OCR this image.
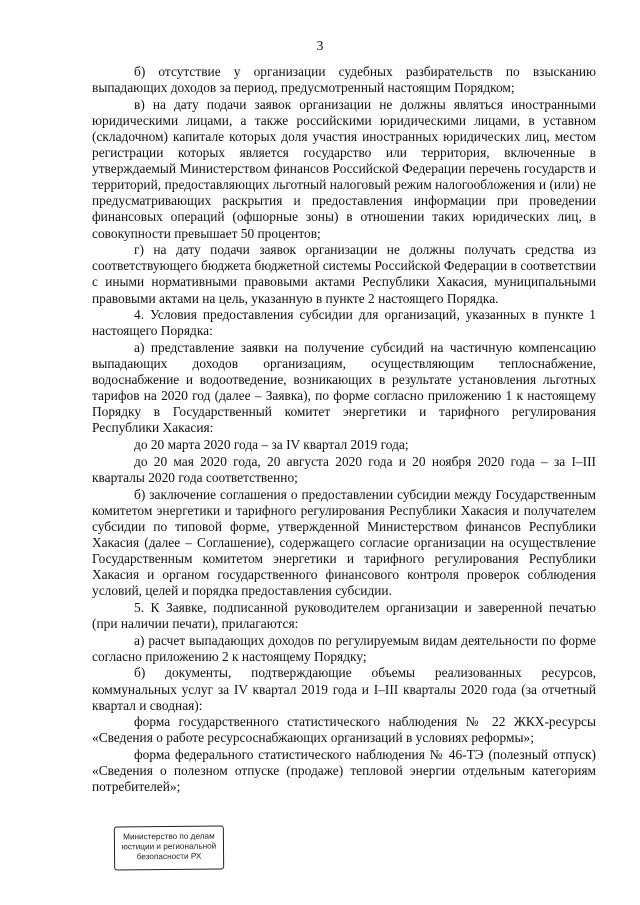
3

б) отсутствие у организации судебных разбирательств по взысканию выпадающих доходов за период, предусмотренный настоящим Порядком;

в) на дату подачи заявок организации не должны являться иностранными юридическими лицами, а также российскими юридическими лицами, в уставном (складочном) капитале которых доля участия иностранных юридических лиц, местом регистрации которых является государство или территория, включенные в утверждаемый Министерством финансов Российской Федерации перечень государств и территорий, предоставляющих льготный налоговый режим налогообложения и (или) не предусматривающих раскрытия и предоставления информации при проведении финансовых операций (офшорные зоны) в отношении таких юридических лиц, в совокупности превышает 50 процентов;

г) на дату подачи заявок организации не должны получать средства из соответствующего бюджета бюджетной системы Российской Федерации в соответствии с иными нормативными правовыми актами Республики Хакасия, муниципальными правовыми актами на цель, указанную в пункте 2 настоящего Порядка.

4. Условия предоставления субсидии для организаций, указанных в пункте 1 настоящего Порядка:

а) представление заявки на получение субсидий на частичную компенсацию выпадающих доходов организациям, осуществляющим теплоснабжение, водоснабжение и водоотведение, возникающих в результате установления льготных тарифов на 2020 год (далее – Заявка), по форме согласно приложению 1 к настоящему Порядку в Государственный комитет энергетики и тарифного регулирования Республики Хакасия:

до 20 марта 2020 года – за IV квартал 2019 года;

до 20 мая 2020 года, 20 августа 2020 года и 20 ноября 2020 года – за I–III кварталы 2020 года соответственно;

б) заключение соглашения о предоставлении субсидии между Государственным комитетом энергетики и тарифного регулирования Республики Хакасия и получателем субсидии по типовой форме, утвержденной Министерством финансов Республики Хакасия (далее – Соглашение), содержащего согласие организации на осуществление Государственным комитетом энергетики и тарифного регулирования Республики Хакасия и органом государственного финансового контроля проверок соблюдения условий, целей и порядка предоставления субсидии.

5. К Заявке, подписанной руководителем организации и заверенной печатью (при наличии печати), прилагаются:

а) расчет выпадающих доходов по регулируемым видам деятельности по форме согласно приложению 2 к настоящему Порядку;

б) документы, подтверждающие объемы реализованных ресурсов, коммунальных услуг за IV квартал 2019 года и I–III кварталы 2020 года (за отчетный квартал и сводная):

форма государственного статистического наблюдения № 22 ЖКХ-ресурсы «Сведения о работе ресурсоснабжающих организаций в условиях реформы»;

форма федерального статистического наблюдения № 46-ТЭ (полезный отпуск) «Сведения о полезном отпуске (продаже) тепловой энергии отдельным категориям потребителей»;

Министерство по делам
юстиции и региональной
безопасности РХ
